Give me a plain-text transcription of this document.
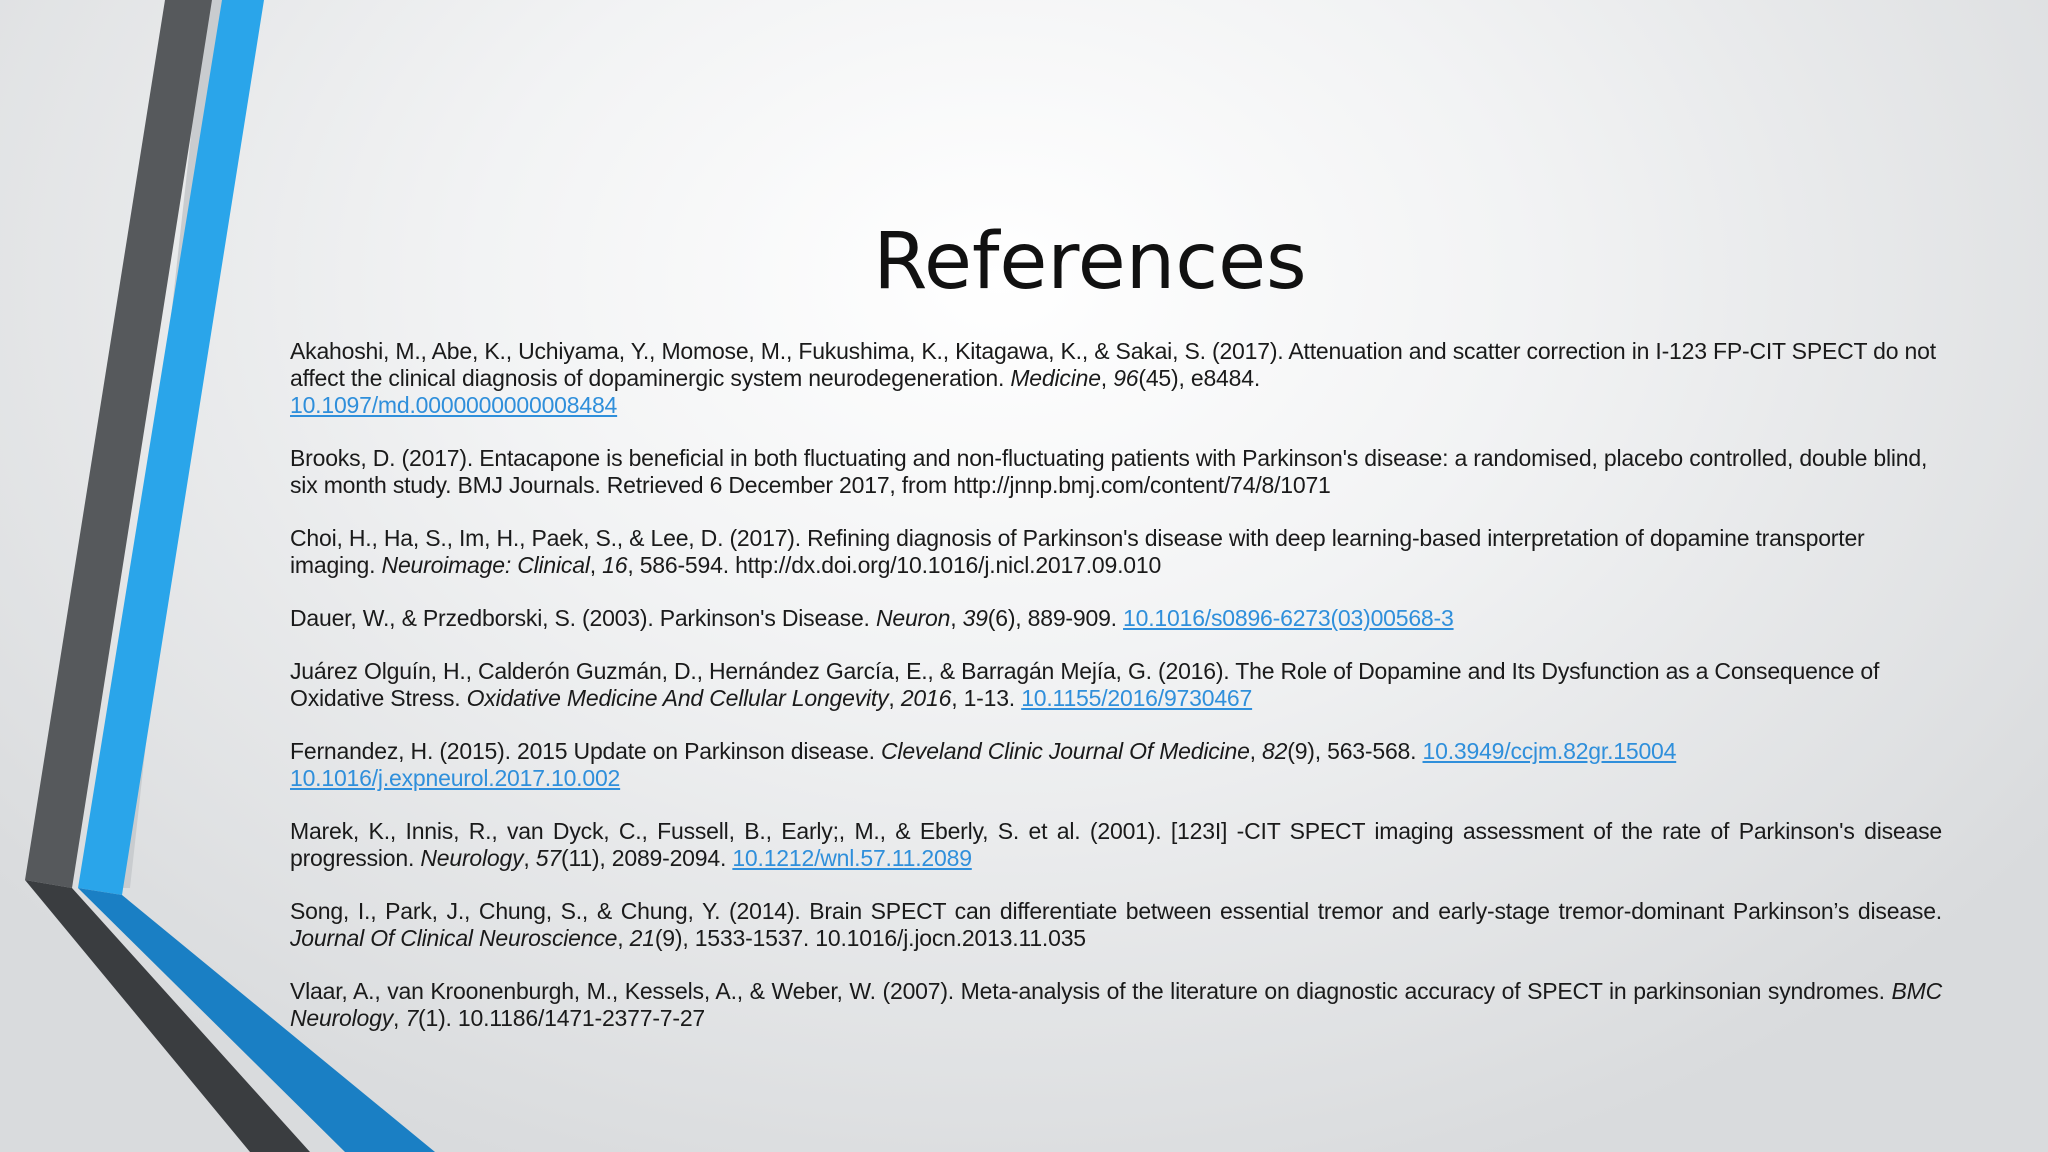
References

Akahoshi, M., Abe, K., Uchiyama, Y., Momose, M., Fukushima, K., Kitagawa, K., & Sakai, S. (2017). Attenuation and scatter correction in I-123 FP-CIT SPECT do not affect the clinical diagnosis of dopaminergic system neurodegeneration. Medicine, 96(45), e8484.
10.1097/md.0000000000008484

Brooks, D. (2017). Entacapone is beneficial in both fluctuating and non-fluctuating patients with Parkinson's disease: a randomised, placebo controlled, double blind, six month study. BMJ Journals. Retrieved 6 December 2017, from http://jnnp.bmj.com/content/74/8/1071

Choi, H., Ha, S., Im, H., Paek, S., & Lee, D. (2017). Refining diagnosis of Parkinson's disease with deep learning-based interpretation of dopamine transporter imaging. Neuroimage: Clinical, 16, 586-594. http://dx.doi.org/10.1016/j.nicl.2017.09.010

Dauer, W., & Przedborski, S. (2003). Parkinson's Disease. Neuron, 39(6), 889-909. 10.1016/s0896-6273(03)00568-3

Juárez Olguín, H., Calderón Guzmán, D., Hernández García, E., & Barragán Mejía, G. (2016). The Role of Dopamine and Its Dysfunction as a Consequence of Oxidative Stress. Oxidative Medicine And Cellular Longevity, 2016, 1-13. 10.1155/2016/9730467

Fernandez, H. (2015). 2015 Update on Parkinson disease. Cleveland Clinic Journal Of Medicine, 82(9), 563-568. 10.3949/ccjm.82gr.15004
10.1016/j.expneurol.2017.10.002

Marek, K., Innis, R., van Dyck, C., Fussell, B., Early;, M., & Eberly, S. et al. (2001). [123I] -CIT SPECT imaging assessment of the rate of Parkinson's disease progression. Neurology, 57(11), 2089-2094. 10.1212/wnl.57.11.2089

Song, I., Park, J., Chung, S., & Chung, Y. (2014). Brain SPECT can differentiate between essential tremor and early-stage tremor-dominant Parkinson’s disease. Journal Of Clinical Neuroscience, 21(9), 1533-1537. 10.1016/j.jocn.2013.11.035

Vlaar, A., van Kroonenburgh, M., Kessels, A., & Weber, W. (2007). Meta-analysis of the literature on diagnostic accuracy of SPECT in parkinsonian syndromes. BMC Neurology, 7(1). 10.1186/1471-2377-7-27
